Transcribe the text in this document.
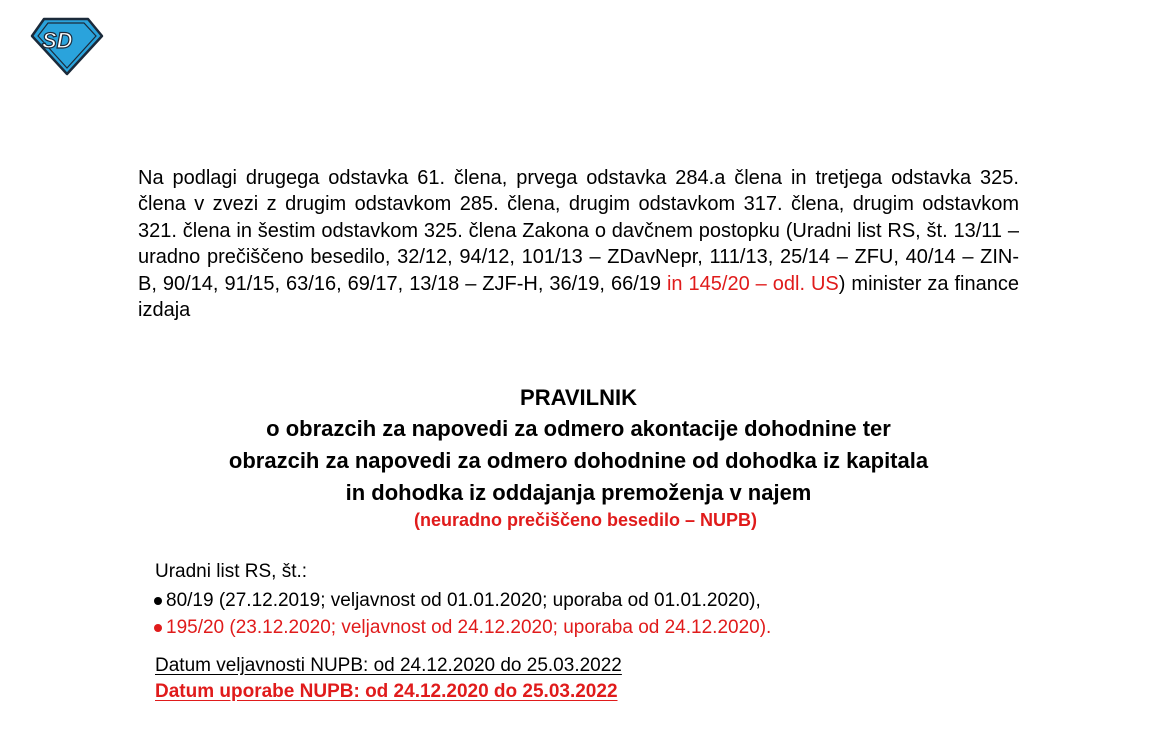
SD

Na podlagi drugega odstavka 61. člena, prvega odstavka 284.a člena in tretjega odstavka 325. člena v zvezi z drugim odstavkom 285. člena, drugim odstavkom 317. člena, drugim odstavkom 321. člena in šestim odstavkom 325. člena Zakona o davčnem postopku (Uradni list RS, št. 13/11 – uradno prečiščeno besedilo, 32/12, 94/12, 101/13 – ZDavNepr, 111/13, 25/14 – ZFU, 40/14 – ZIN-B, 90/14, 91/15, 63/16, 69/17, 13/18 – ZJF-H, 36/19, 66/19 in 145/20 – odl. US) minister za finance izdaja

PRAVILNIK
o obrazcih za napovedi za odmero akontacije dohodnine ter
obrazcih za napovedi za odmero dohodnine od dohodka iz kapitala
in dohodka iz oddajanja premoženja v najem
(neuradno prečiščeno besedilo – NUPB)
Uradni list RS, št.:
80/19 (27.12.2019; veljavnost od 01.01.2020; uporaba od 01.01.2020),
195/20 (23.12.2020; veljavnost od 24.12.2020; uporaba od 24.12.2020).
Datum veljavnosti NUPB: od 24.12.2020 do 25.03.2022
Datum uporabe NUPB: od 24.12.2020 do 25.03.2022
